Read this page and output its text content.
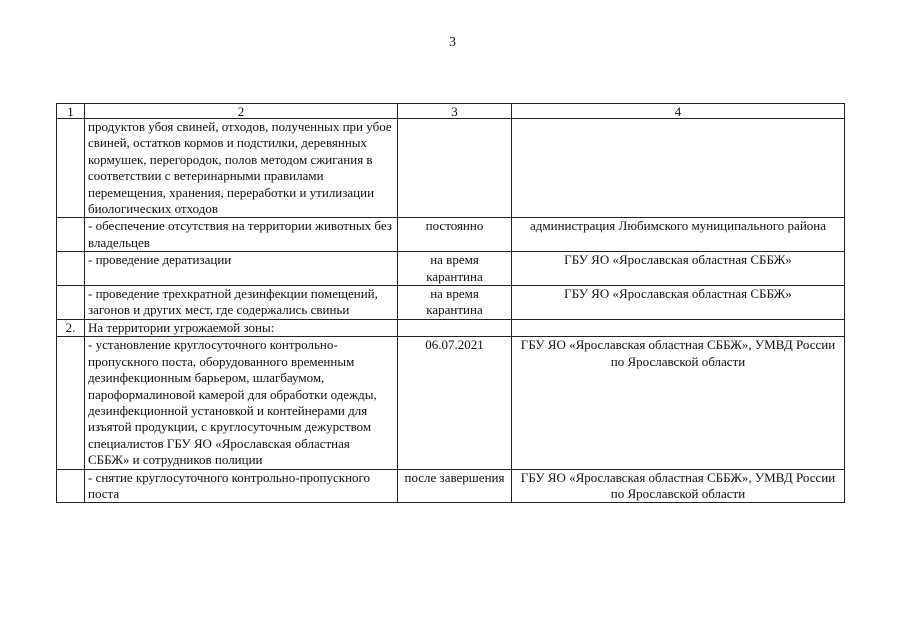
3
1	2	3	4
	продуктов убоя свиней, отходов, полученных при убое свиней, остатков кормов и подстилки, деревянных кормушек, перегородок, полов методом сжигания в соответствии с ветеринарными правилами перемещения, хранения, переработки и утилизации биологических отходов		
	- обеспечение отсутствия на территории животных без владельцев	постоянно	администрация Любимского муниципального района
	- проведение дератизации	на время карантина	ГБУ ЯО «Ярославская областная СББЖ»
	- проведение трехкратной дезинфекции помещений, загонов и других мест, где содержались свиньи	на время карантина	ГБУ ЯО «Ярославская областная СББЖ»
2.	На территории угрожаемой зоны:		
	- установление круглосуточного контрольно-пропускного поста, оборудованного временным дезинфекционным барьером, шлагбаумом, пароформалиновой камерой для обработки одежды, дезинфекционной установкой и контейнерами для изъятой продукции, с круглосуточным дежурством специалистов ГБУ ЯО «Ярославская областная СББЖ» и сотрудников полиции	06.07.2021	ГБУ ЯО «Ярославская областная СББЖ», УМВД России по Ярославской области
	- снятие круглосуточного контрольно-пропускного поста	после завершения	ГБУ ЯО «Ярославская областная СББЖ», УМВД России по Ярославской области
